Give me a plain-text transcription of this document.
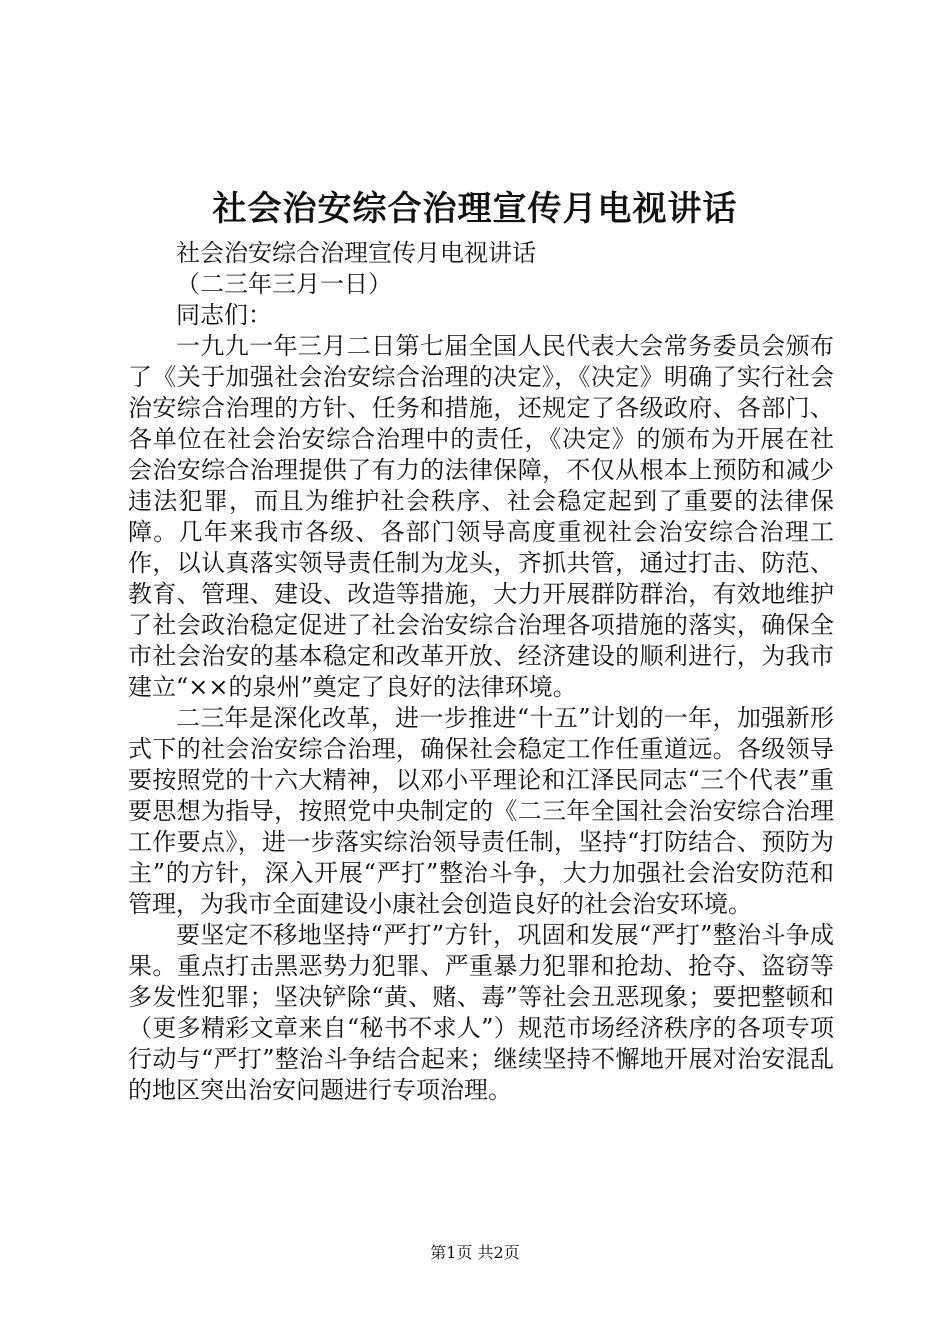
社会治安综合治理宣传月电视讲话

社会治安综合治理宣传月电视讲话

（二三年三月一日）

同志们：

一九九一年三月二日第七届全国人民代表大会常务委员会颁布了《关于加强社会治安综合治理的决定》，《决定》明确了实行社会治安综合治理的方针、任务和措施，还规定了各级政府、各部门、各单位在社会治安综合治理中的责任，《决定》的颁布为开展在社会治安综合治理提供了有力的法律保障，不仅从根本上预防和减少违法犯罪，而且为维护社会秩序、社会稳定起到了重要的法律保障。几年来我市各级、各部门领导高度重视社会治安综合治理工作，以认真落实领导责任制为龙头，齐抓共管，通过打击、防范、教育、管理、建设、改造等措施，大力开展群防群治，有效地维护了社会政治稳定促进了社会治安综合治理各项措施的落实，确保全市社会治安的基本稳定和改革开放、经济建设的顺利进行，为我市建立“××的泉州”奠定了良好的法律环境。

二三年是深化改革，进一步推进“十五”计划的一年，加强新形式下的社会治安综合治理，确保社会稳定工作任重道远。各级领导要按照党的十六大精神，以邓小平理论和江泽民同志“三个代表”重要思想为指导，按照党中央制定的《二三年全国社会治安综合治理工作要点》，进一步落实综治领导责任制，坚持“打防结合、预防为主”的方针，深入开展“严打”整治斗争，大力加强社会治安防范和管理，为我市全面建设小康社会创造良好的社会治安环境。

要坚定不移地坚持“严打”方针，巩固和发展“严打”整治斗争成果。重点打击黑恶势力犯罪、严重暴力犯罪和抢劫、抢夺、盗窃等多发性犯罪；坚决铲除“黄、赌、毒”等社会丑恶现象；要把整顿和（更多精彩文章来自“秘书不求人”）规范市场经济秩序的各项专项行动与“严打”整治斗争结合起来；继续坚持不懈地开展对治安混乱的地区突出治安问题进行专项治理。

第1页 共2页
